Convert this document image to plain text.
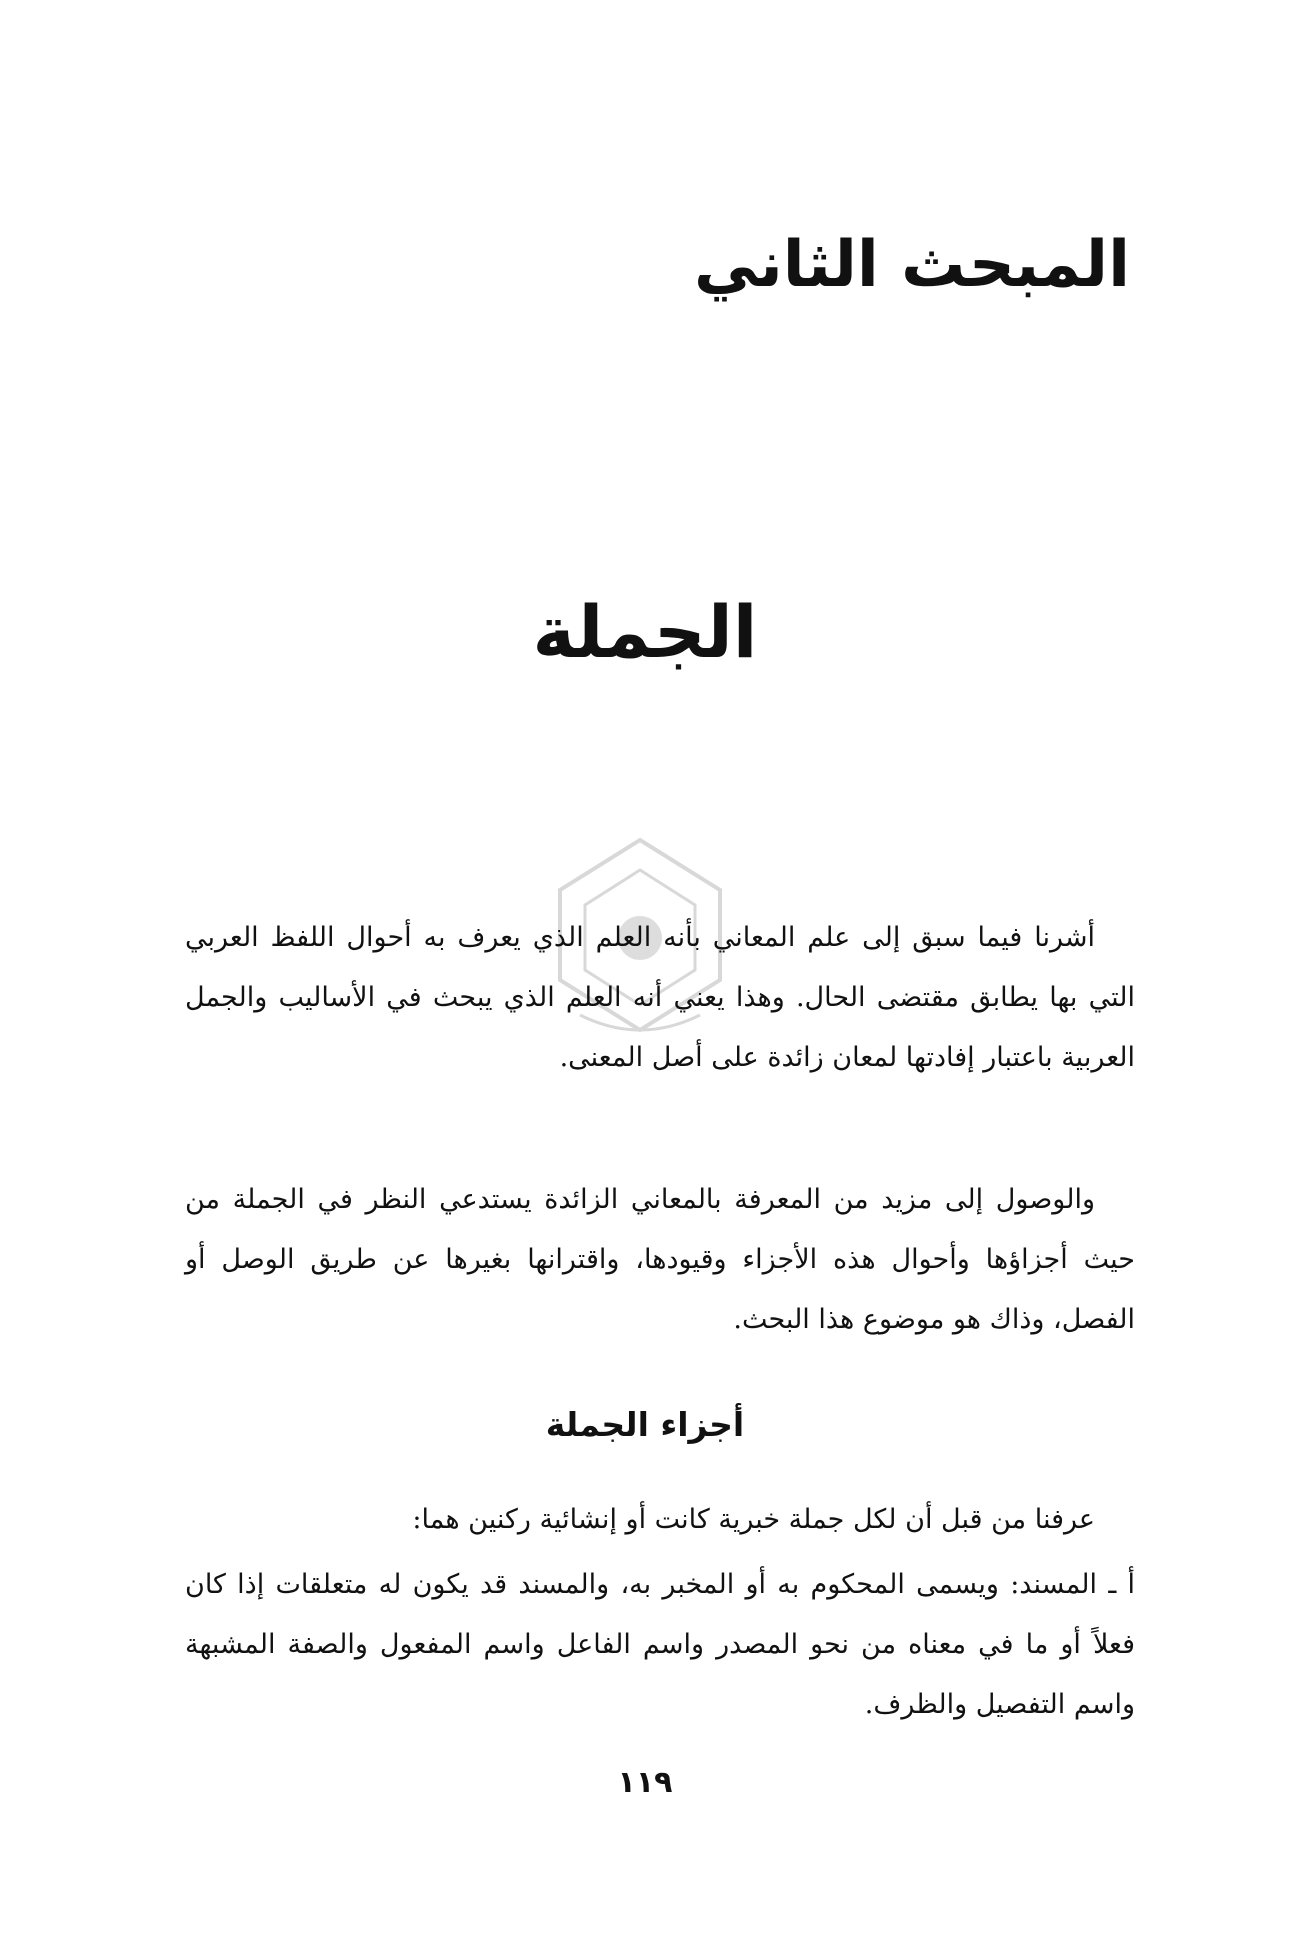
المبحث الثاني
الجملة

أشرنا فيما سبق إلى علم المعاني بأنه العلم الذي يعرف به أحوال اللفظ العربي التي بها يطابق مقتضى الحال. وهذا يعني أنه العلم الذي يبحث في الأساليب والجمل العربية باعتبار إفادتها لمعان زائدة على أصل المعنى.

والوصول إلى مزيد من المعرفة بالمعاني الزائدة يستدعي النظر في الجملة من حيث أجزاؤها وأحوال هذه الأجزاء وقيودها، واقترانها بغيرها عن طريق الوصل أو الفصل، وذاك هو موضوع هذا البحث.

أجزاء الجملة
عرفنا من قبل أن لكل جملة خبرية كانت أو إنشائية ركنين هما:
أ ـ المسند: ويسمى المحكوم به أو المخبر به، والمسند قد يكون له متعلقات إذا كان فعلاً أو ما في معناه من نحو المصدر واسم الفاعل واسم المفعول والصفة المشبهة واسم التفصيل والظرف.
١١٩
